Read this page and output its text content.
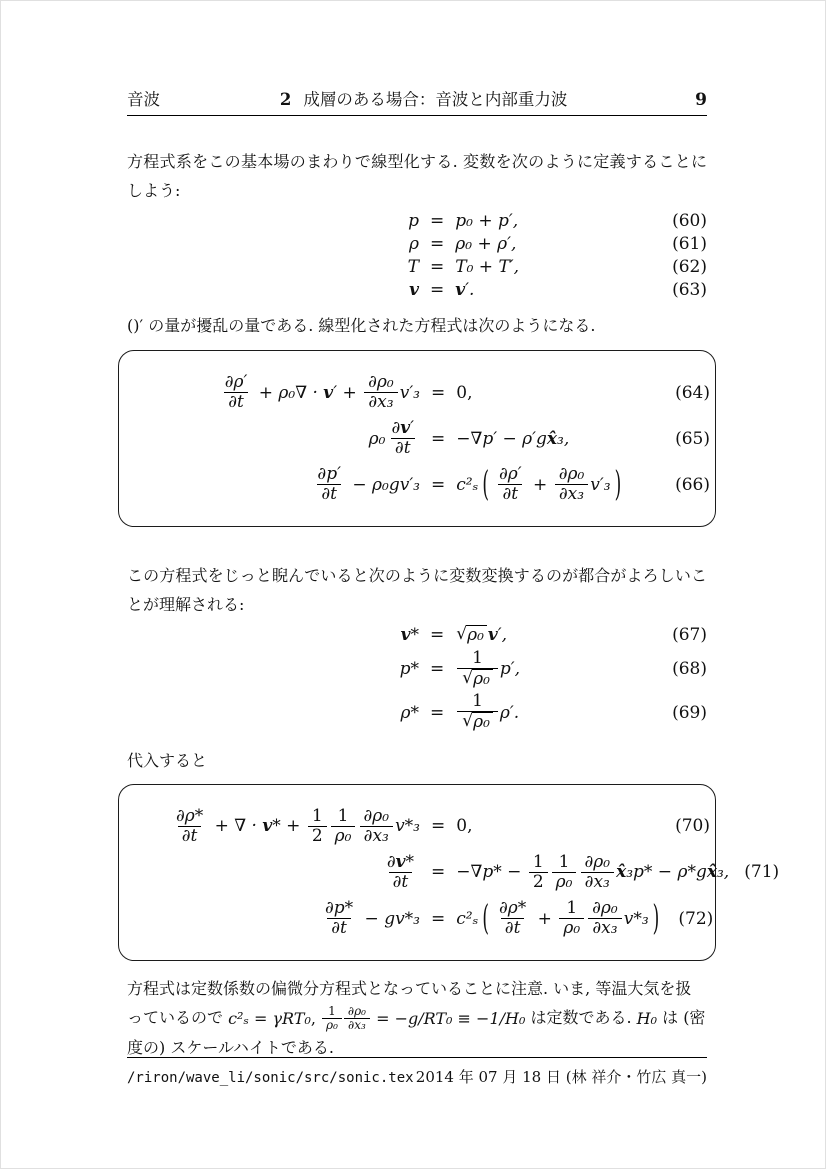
音波	2 成層のある場合：音波と内部重力波	9
方程式系をこの基本場のまわりで線型化する. 変数を次のように定義することにしよう:
p = p₀ + p′,	(60)
ρ = ρ₀ + ρ′,	(61)
T = T₀ + T′,	(62)
v = v ′.	(63)
()′ の量が擾乱の量である. 線型化された方程式は次のようになる.
$\frac{\partial\rho'}{\partial t} + \rho_0\nabla \cdot v$ ′ + $\frac{\text{∂ρ₀}}{\text{∂x₃}} v'_3 = 0$,	(64)
$\rho_0 \frac{\partial v '}{\partial t} = -\nabla p' - \rho'g$ x̂ ₃,	(65)
$\frac{\partial p'}{\partial t} - \rho_0gv'_3 = c^2_s$ ( $\frac{\partial\rho'}{\partial t} + \frac{\text{∂ρ₀}}{\text{∂x₃}} v'_3$ )	(66)
この方程式をじっと睨んでいると次のように変数変換するのが都合がよろしいことが理解される:
v * = √ ρ₀ v ′,	(67)
$p* = \frac{1}{\text{√ ρ₀}} p'$,	(68)
$\rho* = \frac{1}{\text{√ ρ₀}} \rho'$.	(69)
代入すると
$\frac{\partial\rho*}{\partial t}$ + ∇ · v * + $\frac{1}{2} \frac{1}{\text{ρ₀}} \frac{\text{∂ρ₀}}{\text{∂x₃}} v*_3 = 0$,	(70)
$\frac{\partial v *}{\partial t} = -\nabla p* - \frac{1}{2} \frac{1}{\text{ρ₀}} \frac{\text{∂ρ₀}}{\text{∂x₃}}$ x̂ ₃p* − ρ*g x̂ ₃, (71)
$\frac{\partial p*}{\partial t} - gv*_3 = c^2_s$ ( $\frac{\partial\rho*}{\partial t} + \frac{1}{\text{ρ₀}} \frac{\text{∂ρ₀}}{\text{∂x₃}} v*_3$ )	(72)
方程式は定数係数の偏微分方程式となっていることに注意. いま, 等温大気を扱っているので c²ₛ = γRT₀ , $\frac{1}{\text{ρ₀}} \frac{\text{∂ρ₀}}{\text{∂x₃}} = -g/RT_0 \equiv -1/H_0$ は定数である. H₀ は (密度の) スケールハイトである.
/riron/wave_li/sonic/src/sonic.tex 2014 年 07 月 18 日 (林 祥介・竹広 真一)
